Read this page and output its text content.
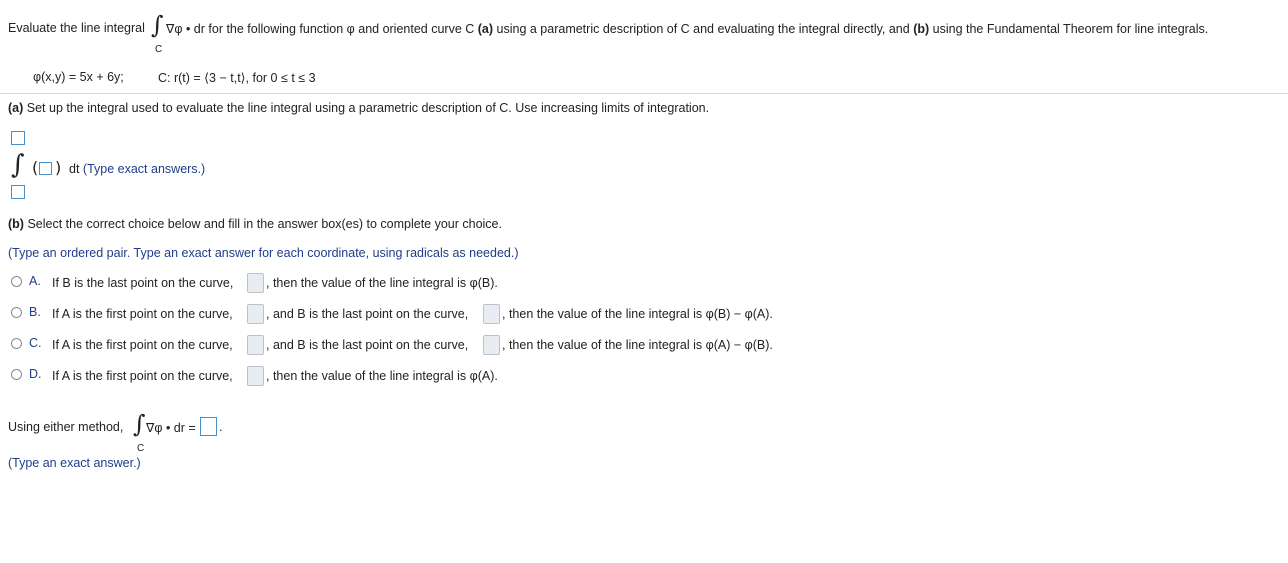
Evaluate the line integral ∫
C
∇φ • dr for the following function φ and oriented curve C (a) using a parametric description of C and evaluating the integral directly, and (b) using the Fundamental Theorem for line integrals.
φ(x,y) = 5x + 6y;	C: r(t) = ⟨3 − t,t⟩, for 0 ≤ t ≤ 3
(a) Set up the integral used to evaluate the line integral using a parametric description of C. Use increasing limits of integration.
∫ ( ) dt (Type exact answers.)
(b) Select the correct choice below and fill in the answer box(es) to complete your choice.
(Type an ordered pair. Type an exact answer for each coordinate, using radicals as needed.)
A. If B is the last point on the curve,	, then the value of the line integral is φ(B).
B. If A is the first point on the curve,	, and B is the last point on the curve,	, then the value of the line integral is φ(B) − φ(A).
C. If A is the first point on the curve,	, and B is the last point on the curve,	, then the value of the line integral is φ(A) − φ(B).
D. If A is the first point on the curve,	, then the value of the line integral is φ(A).
Using either method, ∫
C
∇φ • dr = .
(Type an exact answer.)
